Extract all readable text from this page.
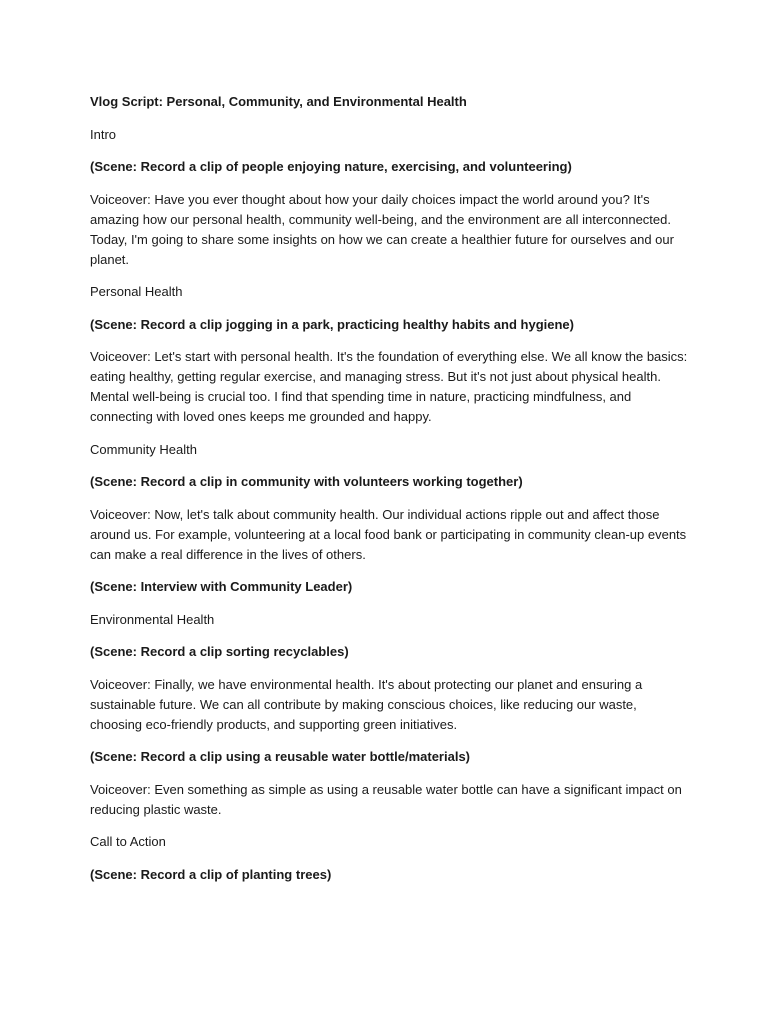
Vlog Script: Personal, Community, and Environmental Health
Intro
(Scene: Record a clip of people enjoying nature, exercising, and volunteering)
Voiceover: Have you ever thought about how your daily choices impact the world around you? It's amazing how our personal health, community well-being, and the environment are all interconnected. Today, I'm going to share some insights on how we can create a healthier future for ourselves and our planet.
Personal Health
(Scene: Record a clip jogging in a park, practicing healthy habits and hygiene)
Voiceover: Let's start with personal health. It's the foundation of everything else. We all know the basics: eating healthy, getting regular exercise, and managing stress. But it's not just about physical health. Mental well-being is crucial too. I find that spending time in nature, practicing mindfulness, and connecting with loved ones keeps me grounded and happy.
Community Health
(Scene: Record a clip in community with volunteers working together)
Voiceover: Now, let's talk about community health. Our individual actions ripple out and affect those around us. For example, volunteering at a local food bank or participating in community clean-up events can make a real difference in the lives of others.
(Scene: Interview with Community Leader)
Environmental Health
(Scene: Record a clip sorting recyclables)
Voiceover: Finally, we have environmental health. It's about protecting our planet and ensuring a sustainable future. We can all contribute by making conscious choices, like reducing our waste, choosing eco-friendly products, and supporting green initiatives.
(Scene: Record a clip using a reusable water bottle/materials)
Voiceover: Even something as simple as using a reusable water bottle can have a significant impact on reducing plastic waste.
Call to Action
(Scene: Record a clip of planting trees)
